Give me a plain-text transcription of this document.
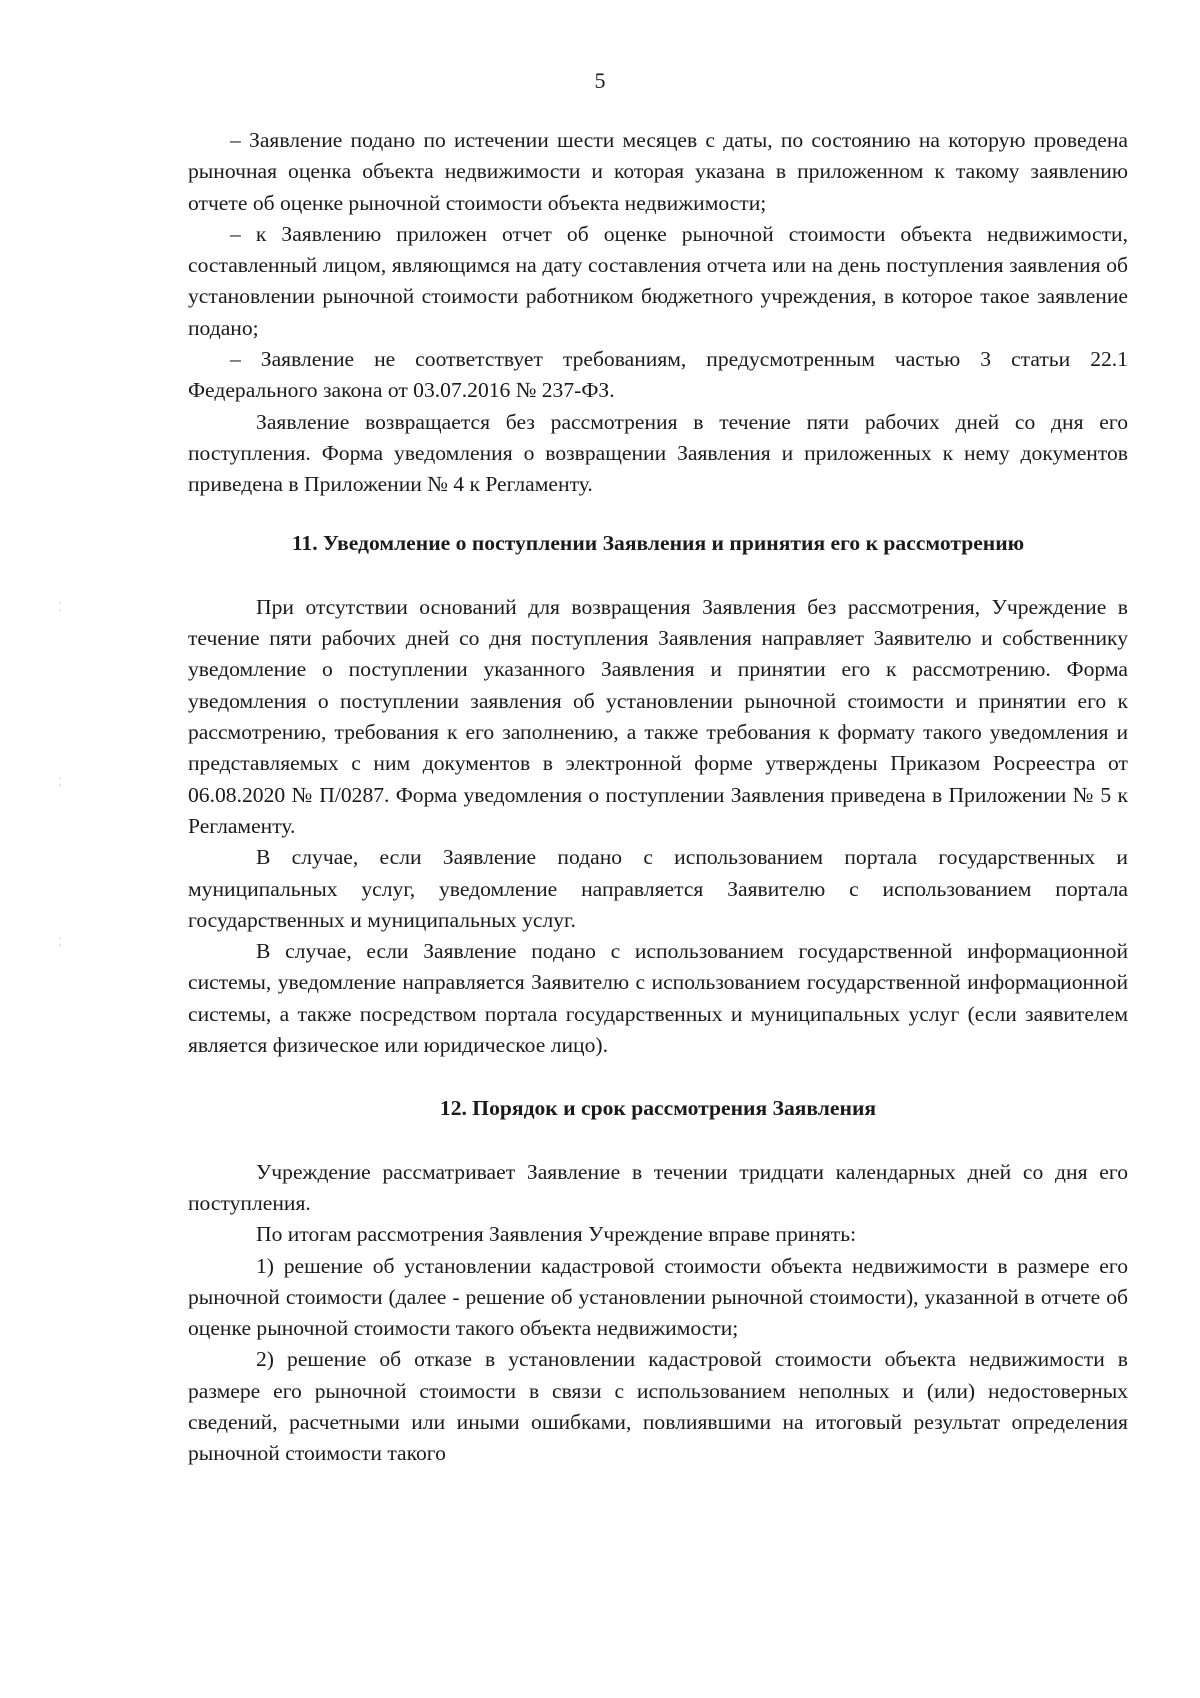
5
⁚
⁚
⁚

– Заявление подано по истечении шести месяцев с даты, по состоянию на которую проведена рыночная оценка объекта недвижимости и которая указана в приложенном к такому заявлению отчете об оценке рыночной стоимости объекта недвижимости;

– к Заявлению приложен отчет об оценке рыночной стоимости объекта недвижимости, составленный лицом, являющимся на дату составления отчета или на день поступления заявления об установлении рыночной стоимости работником бюджетного учреждения, в которое такое заявление подано;

– Заявление не соответствует требованиям, предусмотренным частью 3 статьи 22.1 Федерального закона от 03.07.2016 № 237-ФЗ.

Заявление возвращается без рассмотрения в течение пяти рабочих дней со дня его поступления. Форма уведомления о возвращении Заявления и приложенных к нему документов приведена в Приложении № 4 к Регламенту.

11. Уведомление о поступлении Заявления и принятия его к рассмотрению

При отсутствии оснований для возвращения Заявления без рассмотрения, Учреждение в течение пяти рабочих дней со дня поступления Заявления направляет Заявителю и собственнику уведомление о поступлении указанного Заявления и принятии его к рассмотрению. Форма уведомления о поступлении заявления об установлении рыночной стоимости и принятии его к рассмотрению, требования к его заполнению, а также требования к формату такого уведомления и представляемых с ним документов в электронной форме утверждены Приказом Росреестра от 06.08.2020 № П/0287. Форма уведомления о поступлении Заявления приведена в Приложении № 5 к Регламенту.

В случае, если Заявление подано с использованием портала государственных и муниципальных услуг, уведомление направляется Заявителю с использованием портала государственных и муниципальных услуг.

В случае, если Заявление подано с использованием государственной информационной системы, уведомление направляется Заявителю с использованием государственной информационной системы, а также посредством портала государственных и муниципальных услуг (если заявителем является физическое или юридическое лицо).

12. Порядок и срок рассмотрения Заявления

Учреждение рассматривает Заявление в течении тридцати календарных дней со дня его поступления.

По итогам рассмотрения Заявления Учреждение вправе принять:

1) решение об установлении кадастровой стоимости объекта недвижимости в размере его рыночной стоимости (далее - решение об установлении рыночной стоимости), указанной в отчете об оценке рыночной стоимости такого объекта недвижимости;

2) решение об отказе в установлении кадастровой стоимости объекта недвижимости в размере его рыночной стоимости в связи с использованием неполных и (или) недостоверных сведений, расчетными или иными ошибками, повлиявшими на итоговый результат определения рыночной стоимости такого
